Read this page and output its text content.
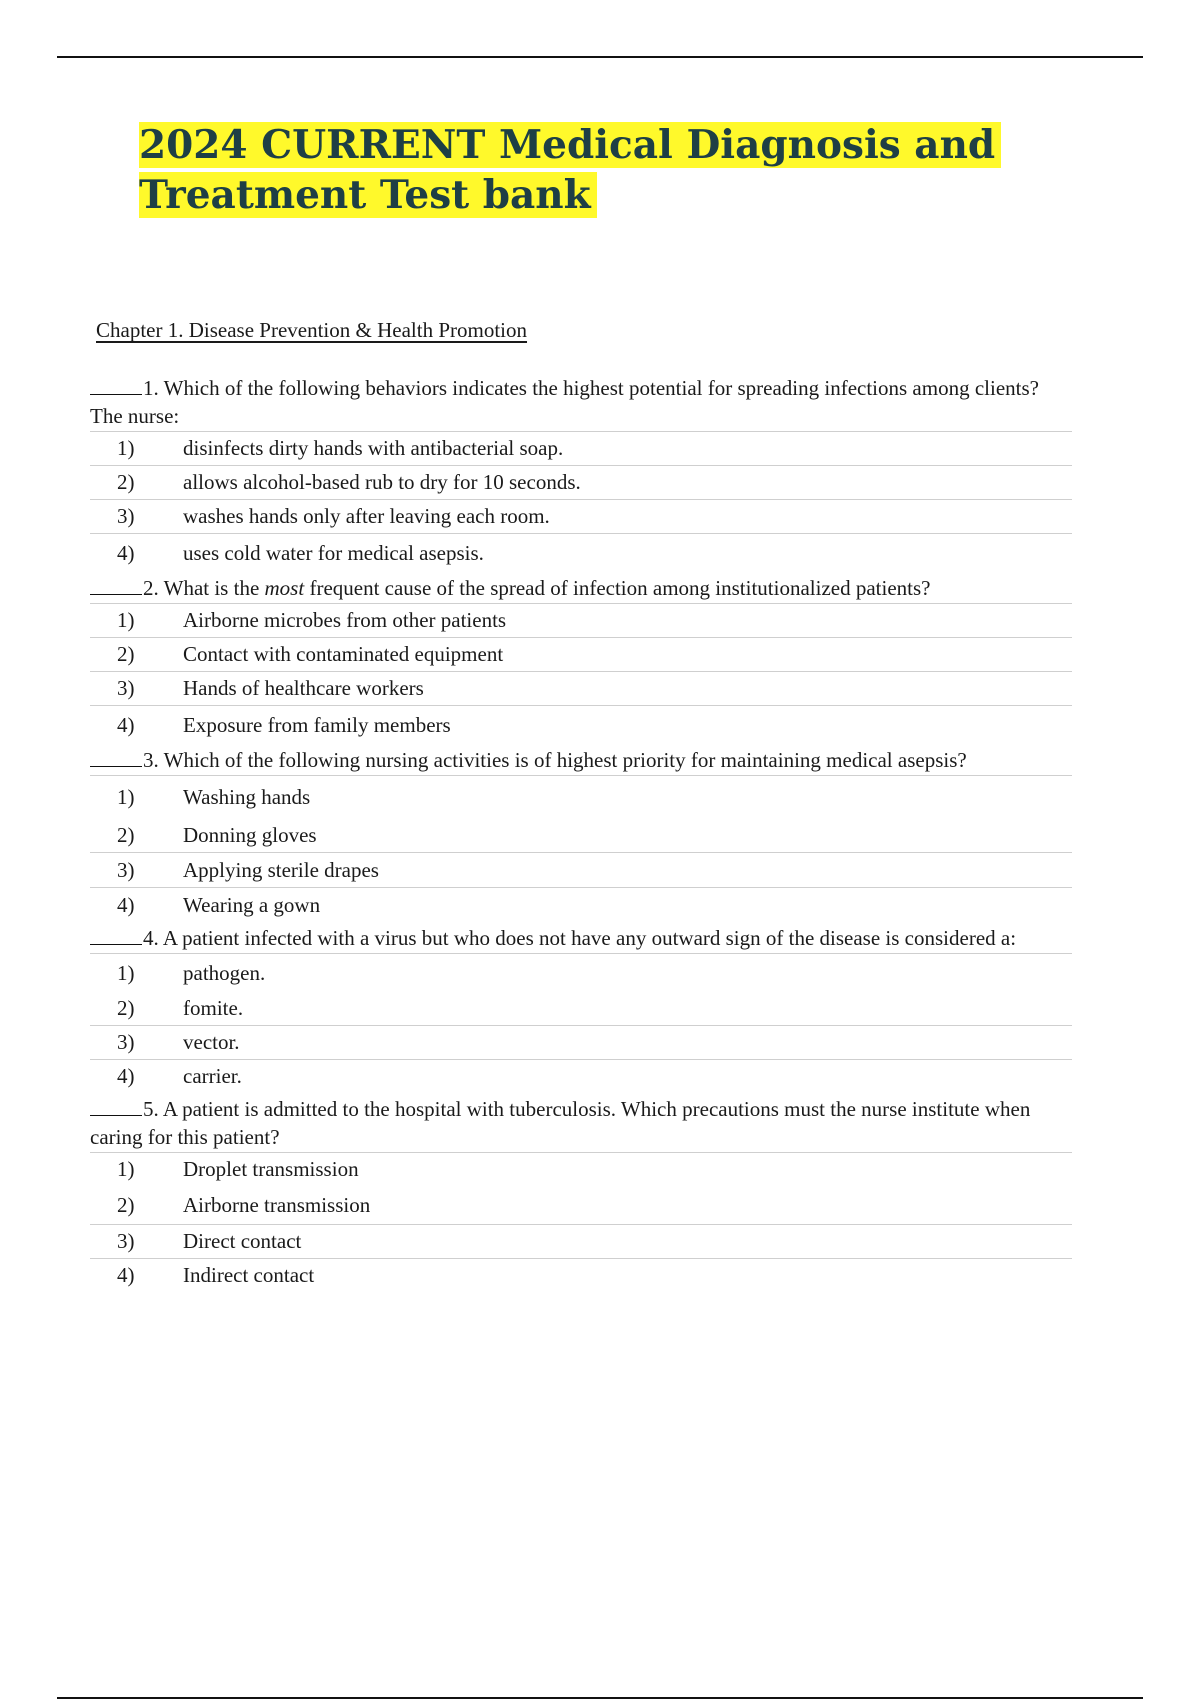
2024 CURRENT Medical Diagnosis and
Treatment Test bank
Chapter 1. Disease Prevention & Health Promotion
1. Which of the following behaviors indicates the highest potential for spreading infections among clients? The nurse:
1)	disinfects dirty hands with antibacterial soap.
2)	allows alcohol-based rub to dry for 10 seconds.
3)	washes hands only after leaving each room.
4)	uses cold water for medical asepsis.
2. What is the most frequent cause of the spread of infection among institutionalized patients?
1)	Airborne microbes from other patients
2)	Contact with contaminated equipment
3)	Hands of healthcare workers
4)	Exposure from family members
3. Which of the following nursing activities is of highest priority for maintaining medical asepsis?
1)	Washing hands
2)	Donning gloves
3)	Applying sterile drapes
4)	Wearing a gown
4. A patient infected with a virus but who does not have any outward sign of the disease is considered a:
1)	pathogen.
2)	fomite.
3)	vector.
4)	carrier.
5. A patient is admitted to the hospital with tuberculosis. Which precautions must the nurse institute when caring for this patient?
1)	Droplet transmission
2)	Airborne transmission
3)	Direct contact
4)	Indirect contact
